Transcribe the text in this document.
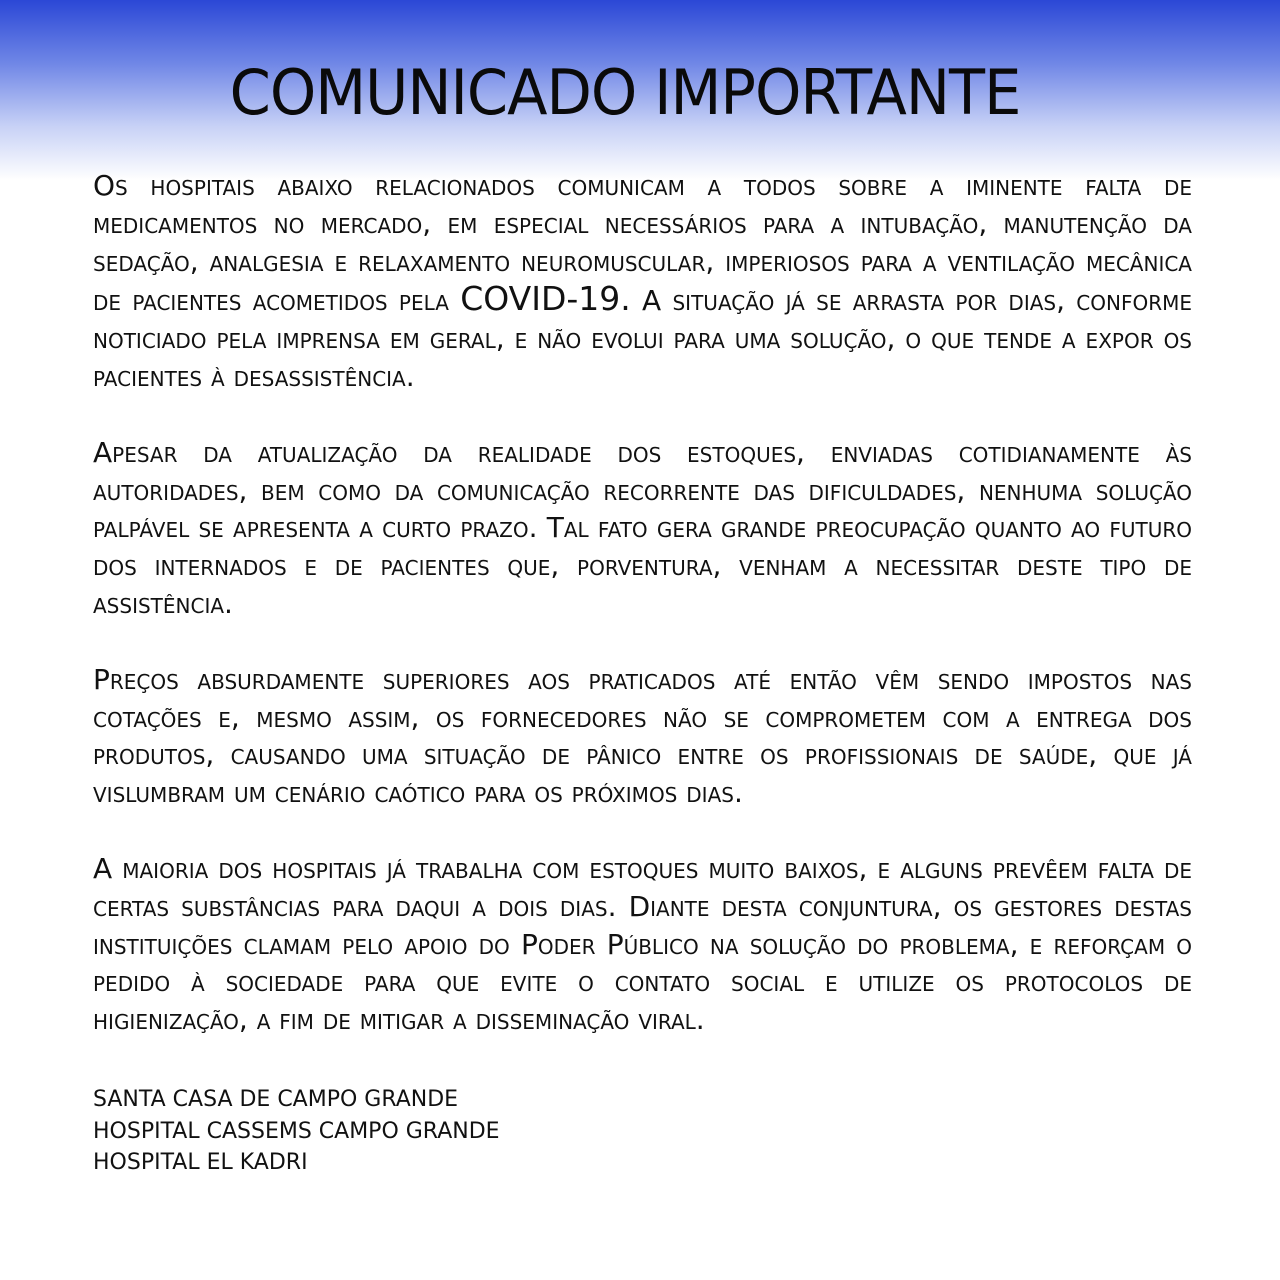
COMUNICADO IMPORTANTE

Os hospitais abaixo relacionados comunicam a todos sobre a iminente falta de medicamentos no mercado, em especial necessários para a intubação, manutenção da sedação, analgesia e relaxamento neuromuscular, imperiosos para a ventilação mecânica de pacientes acometidos pela COVID-19. A situação já se arrasta por dias, conforme noticiado pela imprensa em geral, e não evolui para uma solução, o que tende a expor os pacientes à desassistência.

Apesar da atualização da realidade dos estoques, enviadas cotidianamente às autoridades, bem como da comunicação recorrente das dificuldades, nenhuma solução palpável se apresenta a curto prazo. Tal fato gera grande preocupação quanto ao futuro dos internados e de pacientes que, porventura, venham a necessitar deste tipo de assistência.

Preços absurdamente superiores aos praticados até então vêm sendo impostos nas cotações e, mesmo assim, os fornecedores não se comprometem com a entrega dos produtos, causando uma situação de pânico entre os profissionais de saúde, que já vislumbram um cenário caótico para os próximos dias.

A maioria dos hospitais já trabalha com estoques muito baixos, e alguns prevêem falta de certas substâncias para daqui a dois dias. Diante desta conjuntura, os gestores destas instituições clamam pelo apoio do Poder Público na solução do problema, e reforçam o pedido à sociedade para que evite o contato social e utilize os protocolos de higienização, a fim de mitigar a disseminação viral.

SANTA CASA DE CAMPO GRANDE
HOSPITAL CASSEMS CAMPO GRANDE
HOSPITAL EL KADRI
